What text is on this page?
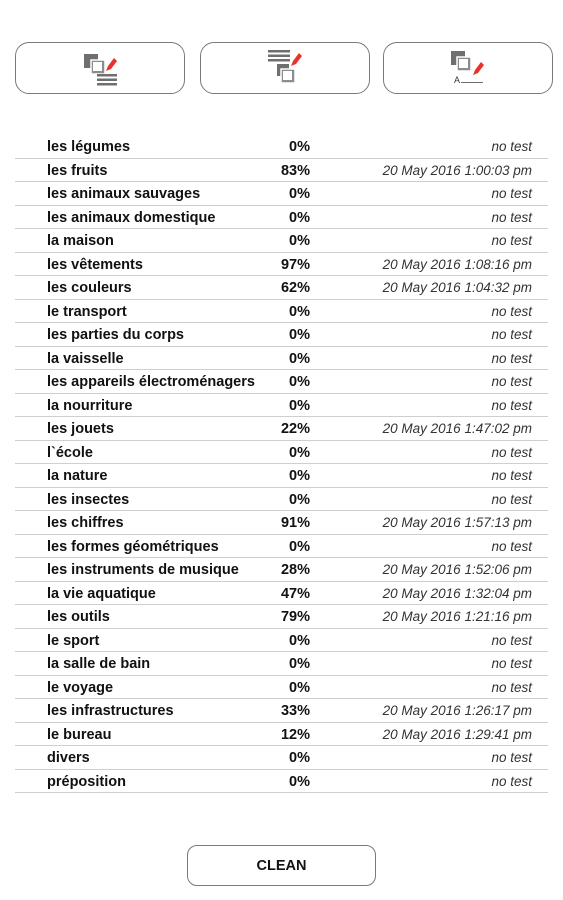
A
les légumes	0%	no test
les fruits	83%	20 May 2016 1:00:03 pm
les animaux sauvages	0%	no test
les animaux domestique	0%	no test
la maison	0%	no test
les vêtements	97%	20 May 2016 1:08:16 pm
les couleurs	62%	20 May 2016 1:04:32 pm
le transport	0%	no test
les parties du corps	0%	no test
la vaisselle	0%	no test
les appareils électroménagers 0%	no test
la nourriture	0%	no test
les jouets	22%	20 May 2016 1:47:02 pm
l`école	0%	no test
la nature	0%	no test
les insectes	0%	no test
les chiffres	91%	20 May 2016 1:57:13 pm
les formes géométriques	0%	no test
les instruments de musique	28%	20 May 2016 1:52:06 pm
la vie aquatique	47%	20 May 2016 1:32:04 pm
les outils	79%	20 May 2016 1:21:16 pm
le sport	0%	no test
la salle de bain	0%	no test
le voyage	0%	no test
les infrastructures	33%	20 May 2016 1:26:17 pm
le bureau	12%	20 May 2016 1:29:41 pm
divers	0%	no test
préposition	0%	no test
CLEAN
